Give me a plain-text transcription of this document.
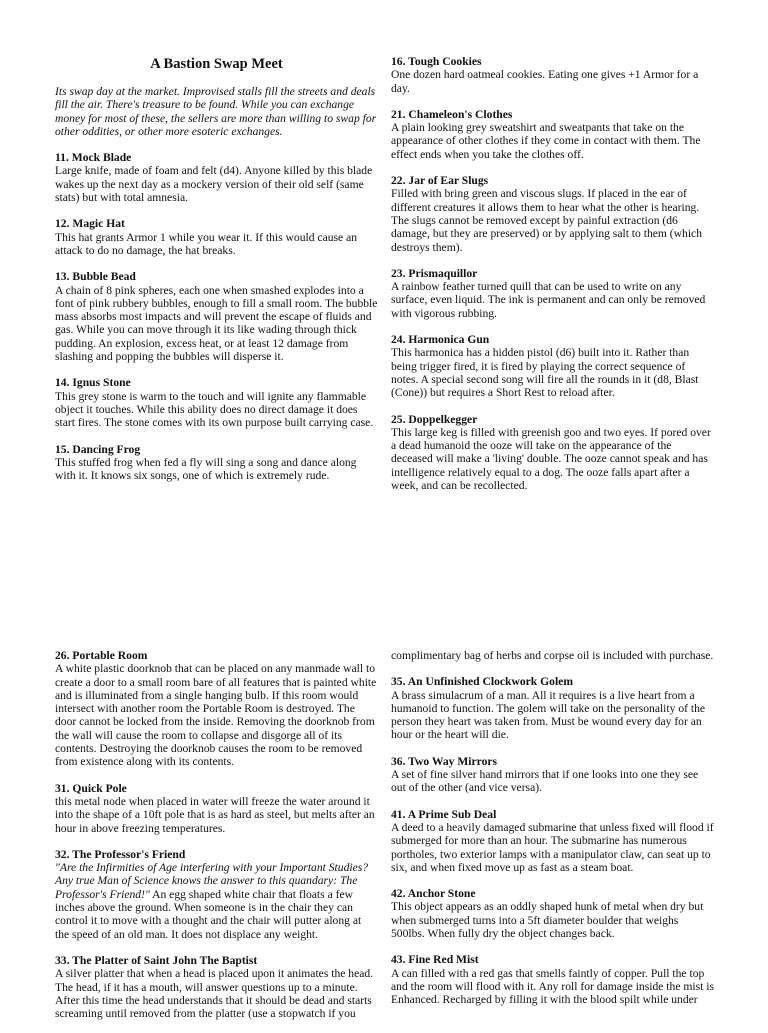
A Bastion Swap Meet
Its swap day at the market. Improvised stalls fill the streets and deals fill the air. There's treasure to be found. While you can exchange money for most of these, the sellers are more than willing to swap for other oddities, or other more esoteric exchanges.
11. Mock Blade
Large knife, made of foam and felt (d4). Anyone killed by this blade wakes up the next day as a mockery version of their old self (same stats) but with total amnesia.
12. Magic Hat
This hat grants Armor 1 while you wear it. If this would cause an attack to do no damage, the hat breaks.
13. Bubble Bead
A chain of 8 pink spheres, each one when smashed explodes into a font of pink rubbery bubbles, enough to fill a small room. The bubble mass absorbs most impacts and will prevent the escape of fluids and gas. While you can move through it its like wading through thick pudding. An explosion, excess heat, or at least 12 damage from slashing and popping the bubbles will disperse it.
14. Ignus Stone
This grey stone is warm to the touch and will ignite any flammable object it touches. While this ability does no direct damage it does start fires. The stone comes with its own purpose built carrying case.
15. Dancing Frog
This stuffed frog when fed a fly will sing a song and dance along with it. It knows six songs, one of which is extremely rude.
16. Tough Cookies
One dozen hard oatmeal cookies. Eating one gives +1 Armor for a day.
21. Chameleon's Clothes
A plain looking grey sweatshirt and sweatpants that take on the appearance of other clothes if they come in contact with them. The effect ends when you take the clothes off.
22. Jar of Ear Slugs
Filled with bring green and viscous slugs. If placed in the ear of different creatures it allows them to hear what the other is hearing. The slugs cannot be removed except by painful extraction (d6 damage, but they are preserved) or by applying salt to them (which destroys them).
23. Prismaquillor
A rainbow feather turned quill that can be used to write on any surface, even liquid. The ink is permanent and can only be removed with vigorous rubbing.
24. Harmonica Gun
This harmonica has a hidden pistol (d6) built into it. Rather than being trigger fired, it is fired by playing the correct sequence of notes. A special second song will fire all the rounds in it (d8, Blast (Cone)) but requires a Short Rest to reload after.
25. Doppelkegger
This large keg is filled with greenish goo and two eyes. If pored over a dead humanoid the ooze will take on the appearance of the deceased will make a 'living' double. The ooze cannot speak and has intelligence relatively equal to a dog. The ooze falls apart after a week, and can be recollected.
26. Portable Room
A white plastic doorknob that can be placed on any manmade wall to create a door to a small room bare of all features that is painted white and is illuminated from a single hanging bulb. If this room would intersect with another room the Portable Room is destroyed. The door cannot be locked from the inside. Removing the doorknob from the wall will cause the room to collapse and disgorge all of its contents. Destroying the doorknob causes the room to be removed from existence along with its contents.
31. Quick Pole
this metal node when placed in water will freeze the water around it into the shape of a 10ft pole that is as hard as steel, but melts after an hour in above freezing temperatures.
32. The Professor's Friend
"Are the Infirmities of Age interfering with your Important Studies? Any true Man of Science knows the answer to this quandary: The Professor's Friend!" An egg shaped white chair that floats a few inches above the ground. When someone is in the chair they can control it to move with a thought and the chair will putter along at the speed of an old man. It does not displace any weight.
33. The Platter of Saint John The Baptist
A silver platter that when a head is placed upon it animates the head. The head, if it has a mouth, will answer questions up to a minute. After this time the head understands that it should be dead and starts screaming until removed from the platter (use a stopwatch if you
complimentary bag of herbs and corpse oil is included with purchase.
35. An Unfinished Clockwork Golem
A brass simulacrum of a man. All it requires is a live heart from a humanoid to function. The golem will take on the personality of the person they heart was taken from. Must be wound every day for an hour or the heart will die.
36. Two Way Mirrors
A set of fine silver hand mirrors that if one looks into one they see out of the other (and vice versa).
41. A Prime Sub Deal
A deed to a heavily damaged submarine that unless fixed will flood if submerged for more than an hour. The submarine has numerous portholes, two exterior lamps with a manipulator claw, can seat up to six, and when fixed move up as fast as a steam boat.
42. Anchor Stone
This object appears as an oddly shaped hunk of metal when dry but when submerged turns into a 5ft diameter boulder that weighs 500lbs. When fully dry the object changes back.
43. Fine Red Mist
A can filled with a red gas that smells faintly of copper. Pull the top and the room will flood with it. Any roll for damage inside the mist is Enhanced. Recharged by filling it with the blood spilt while under
